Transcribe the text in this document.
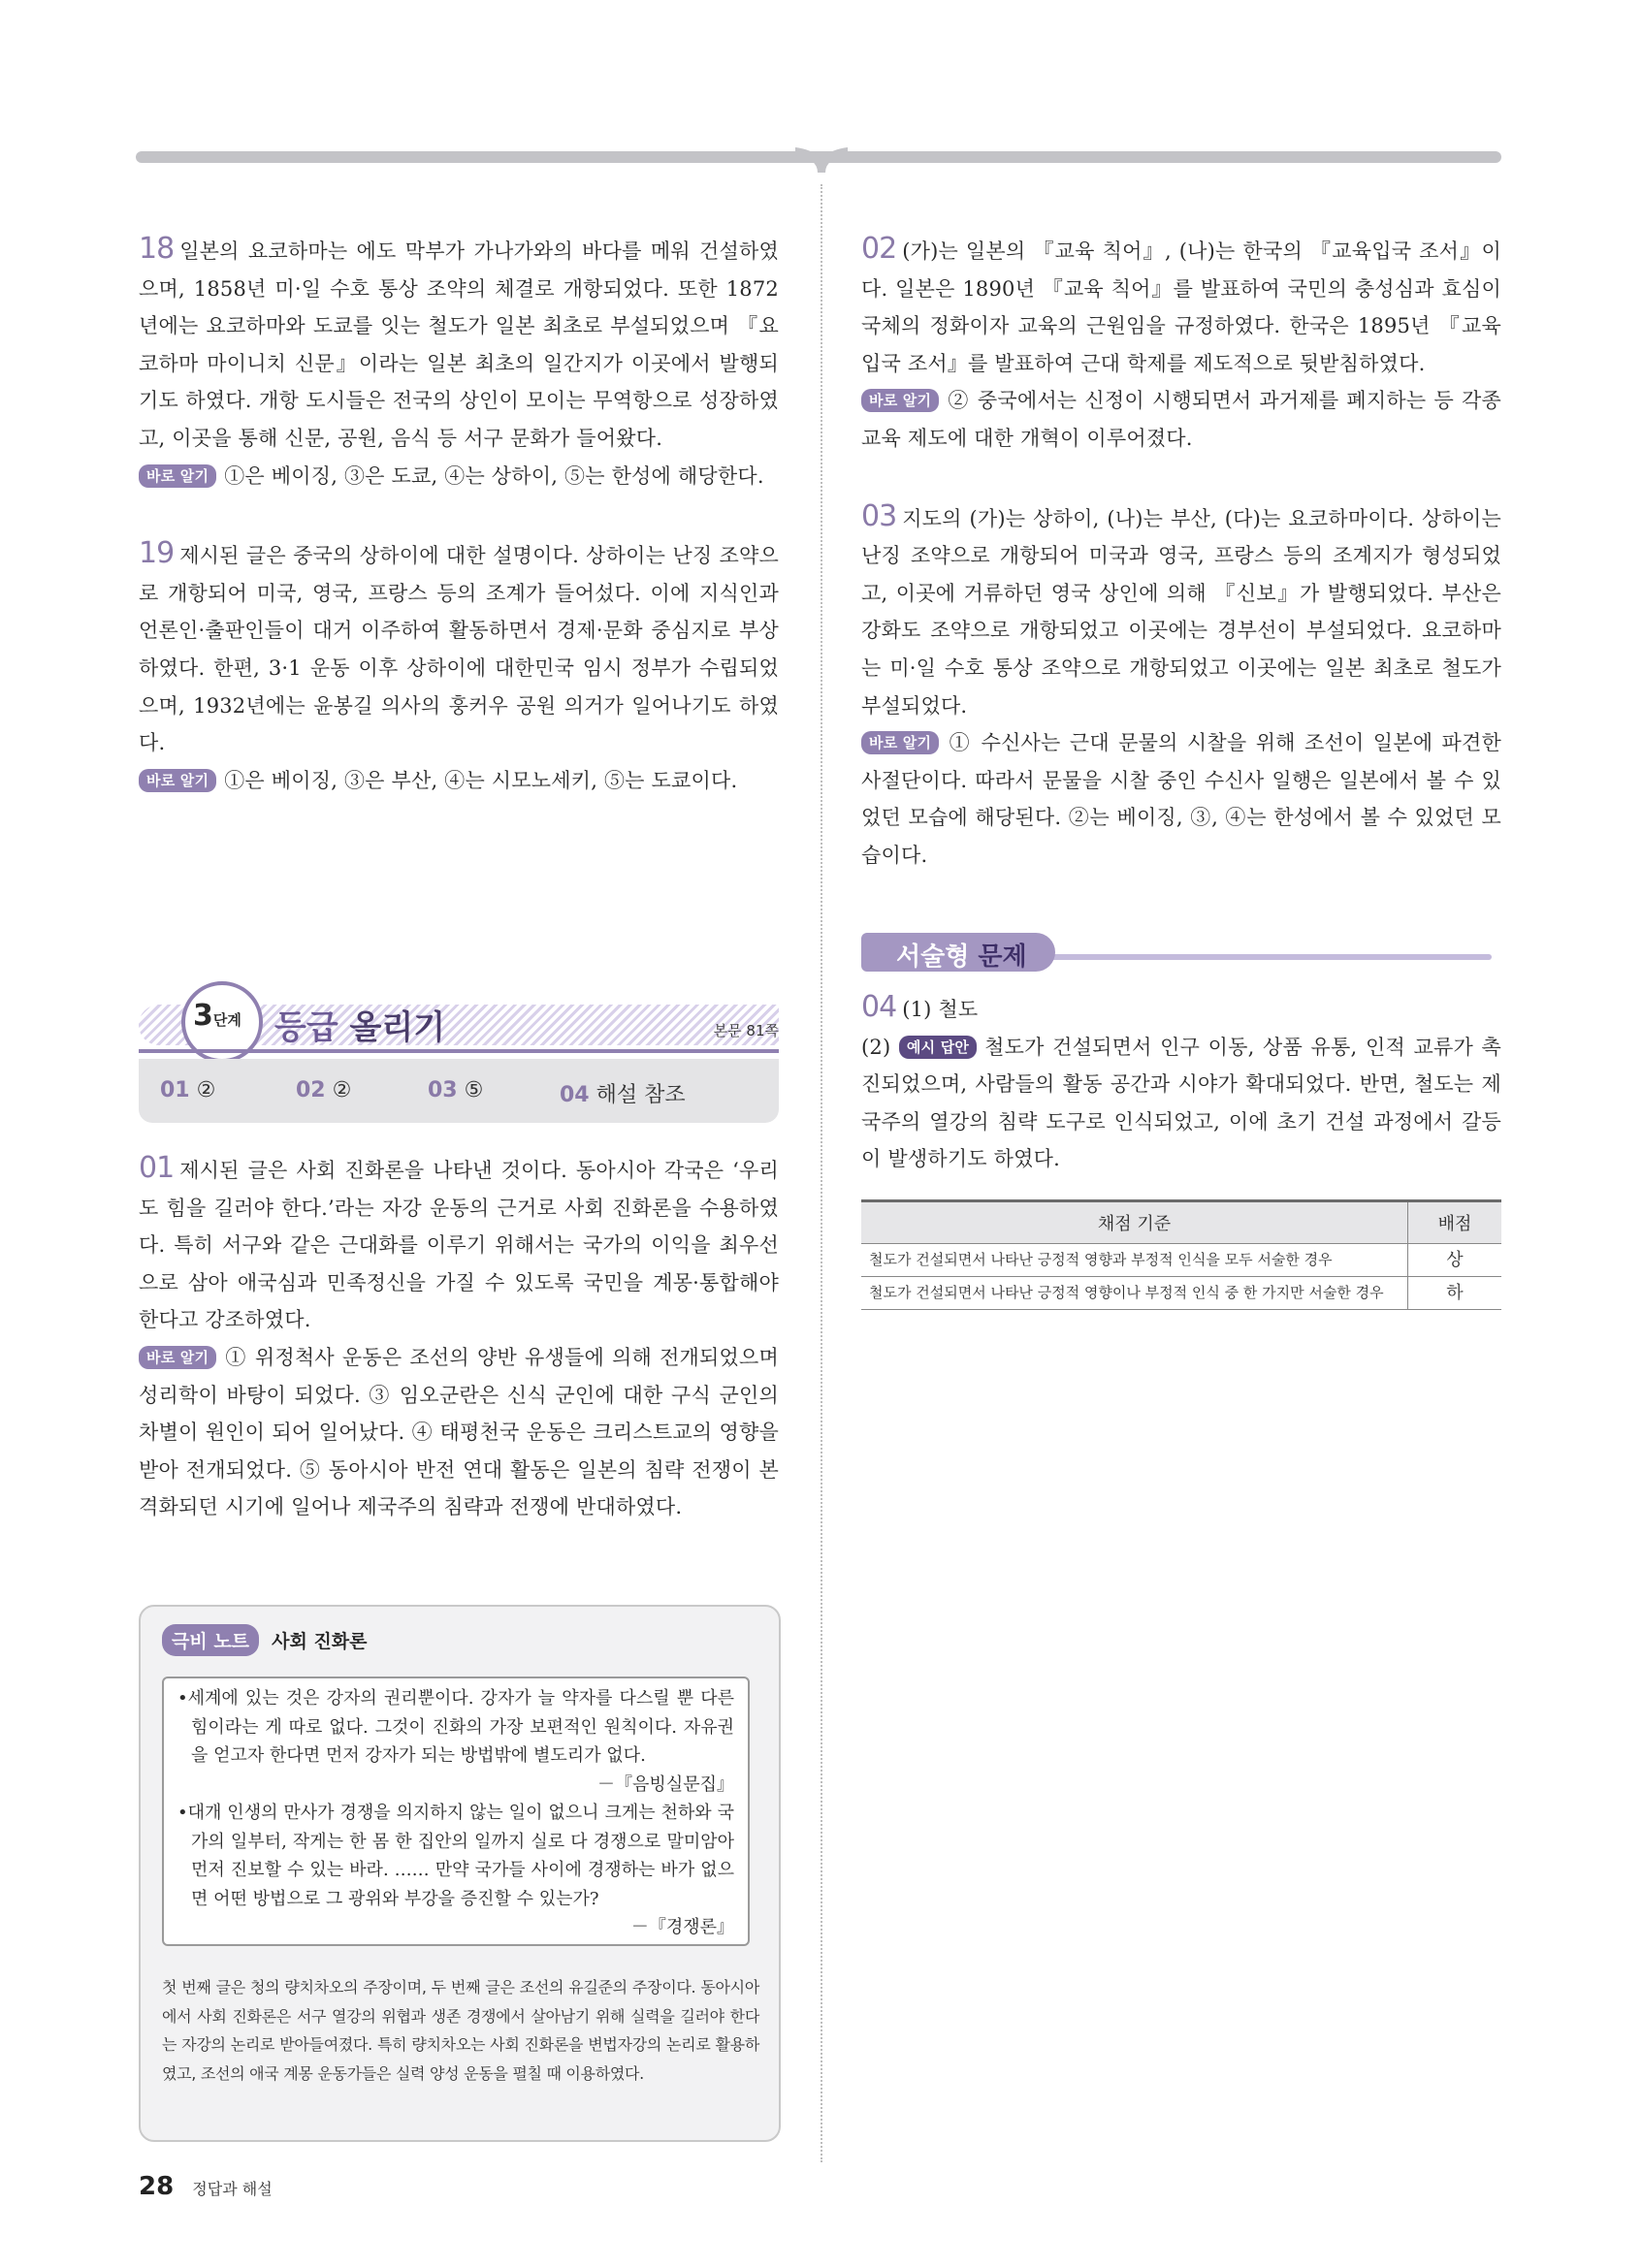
18 일본의 요코하마는 에도 막부가 가나가와의 바다를 메워 건설하였으며, 1858년 미·일 수호 통상 조약의 체결로 개항되었다. 또한 1872년에는 요코하마와 도쿄를 잇는 철도가 일본 최초로 부설되었으며 『요코하마 마이니치 신문』이라는 일본 최초의 일간지가 이곳에서 발행되기도 하였다. 개항 도시들은 전국의 상인이 모이는 무역항으로 성장하였고, 이곳을 통해 신문, 공원, 음식 등 서구 문화가 들어왔다.
바로 알기 ①은 베이징, ③은 도쿄, ④는 상하이, ⑤는 한성에 해당한다.
19 제시된 글은 중국의 상하이에 대한 설명이다. 상하이는 난징 조약으로 개항되어 미국, 영국, 프랑스 등의 조계가 들어섰다. 이에 지식인과 언론인·출판인들이 대거 이주하여 활동하면서 경제·문화 중심지로 부상하였다. 한편, 3·1 운동 이후 상하이에 대한민국 임시 정부가 수립되었으며, 1932년에는 윤봉길 의사의 훙커우 공원 의거가 일어나기도 하였다.
바로 알기 ①은 베이징, ③은 부산, ④는 시모노세키, ⑤는 도쿄이다.
3단계 등급 올리기	본문 81쪽
01 ②	02 ②	03 ⑤	04 해설 참조
01 제시된 글은 사회 진화론을 나타낸 것이다. 동아시아 각국은 ‘우리도 힘을 길러야 한다.’라는 자강 운동의 근거로 사회 진화론을 수용하였다. 특히 서구와 같은 근대화를 이루기 위해서는 국가의 이익을 최우선으로 삼아 애국심과 민족정신을 가질 수 있도록 국민을 계몽·통합해야 한다고 강조하였다.
바로 알기 ① 위정척사 운동은 조선의 양반 유생들에 의해 전개되었으며 성리학이 바탕이 되었다. ③ 임오군란은 신식 군인에 대한 구식 군인의 차별이 원인이 되어 일어났다. ④ 태평천국 운동은 크리스트교의 영향을 받아 전개되었다. ⑤ 동아시아 반전 연대 활동은 일본의 침략 전쟁이 본격화되던 시기에 일어나 제국주의 침략과 전쟁에 반대하였다.
극비 노트 사회 진화론

•세계에 있는 것은 강자의 권리뿐이다. 강자가 늘 약자를 다스릴 뿐 다른 힘이라는 게 따로 없다. 그것이 진화의 가장 보편적인 원칙이다. 자유권을 얻고자 한다면 먼저 강자가 되는 방법밖에 별도리가 없다.
－『음빙실문집』

•대개 인생의 만사가 경쟁을 의지하지 않는 일이 없으니 크게는 천하와 국가의 일부터, 작게는 한 몸 한 집안의 일까지 실로 다 경쟁으로 말미암아 먼저 진보할 수 있는 바라. …… 만약 국가들 사이에 경쟁하는 바가 없으면 어떤 방법으로 그 광위와 부강을 증진할 수 있는가?
－『경쟁론』

첫 번째 글은 청의 량치차오의 주장이며, 두 번째 글은 조선의 유길준의 주장이다. 동아시아에서 사회 진화론은 서구 열강의 위협과 생존 경쟁에서 살아남기 위해 실력을 길러야 한다는 자강의 논리로 받아들여졌다. 특히 량치차오는 사회 진화론을 변법자강의 논리로 활용하였고, 조선의 애국 계몽 운동가들은 실력 양성 운동을 펼칠 때 이용하였다.
02 (가)는 일본의 『교육 칙어』, (나)는 한국의 『교육입국 조서』이다. 일본은 1890년 『교육 칙어』를 발표하여 국민의 충성심과 효심이 국체의 정화이자 교육의 근원임을 규정하였다. 한국은 1895년 『교육입국 조서』를 발표하여 근대 학제를 제도적으로 뒷받침하였다.
바로 알기 ② 중국에서는 신정이 시행되면서 과거제를 폐지하는 등 각종 교육 제도에 대한 개혁이 이루어졌다.
03 지도의 (가)는 상하이, (나)는 부산, (다)는 요코하마이다. 상하이는 난징 조약으로 개항되어 미국과 영국, 프랑스 등의 조계지가 형성되었고, 이곳에 거류하던 영국 상인에 의해 『신보』가 발행되었다. 부산은 강화도 조약으로 개항되었고 이곳에는 경부선이 부설되었다. 요코하마는 미·일 수호 통상 조약으로 개항되었고 이곳에는 일본 최초로 철도가 부설되었다.
바로 알기 ① 수신사는 근대 문물의 시찰을 위해 조선이 일본에 파견한 사절단이다. 따라서 문물을 시찰 중인 수신사 일행은 일본에서 볼 수 있었던 모습에 해당된다. ②는 베이징, ③, ④는 한성에서 볼 수 있었던 모습이다.
서술형 문제
04 (1) 철도
(2) 예시 답안 철도가 건설되면서 인구 이동, 상품 유통, 인적 교류가 촉진되었으며, 사람들의 활동 공간과 시야가 확대되었다. 반면, 철도는 제국주의 열강의 침략 도구로 인식되었고, 이에 초기 건설 과정에서 갈등이 발생하기도 하였다.
채점 기준	배점
철도가 건설되면서 나타난 긍정적 영향과 부정적 인식을 모두 서술한 경우	상
철도가 건설되면서 나타난 긍정적 영향이나 부정적 인식 중 한 가지만 서술한 경우	하
28 정답과 해설
